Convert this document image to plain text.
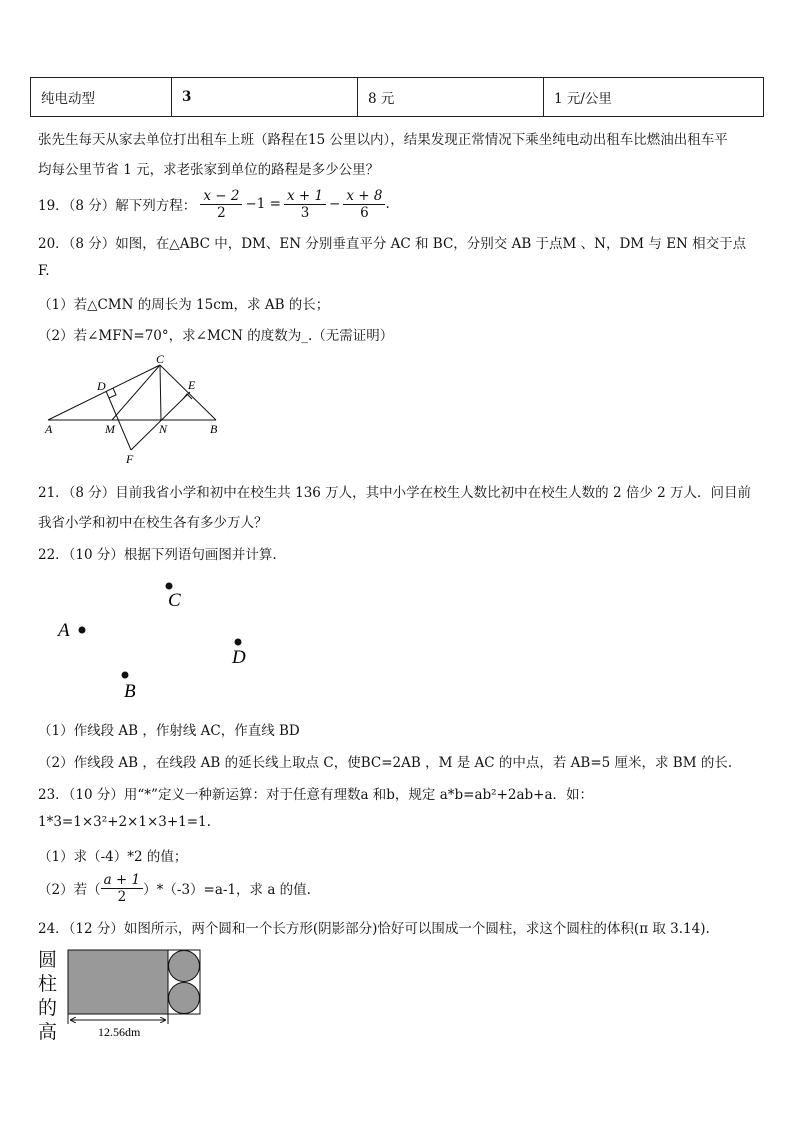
纯电动型	3	8 元	1 元/公里
张先生每天从家去单位打出租车上班（路程在15 公里以内），结果发现正常情况下乘坐纯电动出租车比燃油出租车平
均每公里节省 1 元，求老张家到单位的路程是多少公里？
19．（8 分）解下列方程： $\frac{x - 2}{2} -1 = \frac{x + 1}{3} - \frac{x + 8}{6}$ .
20．（8 分）如图，在△ABC 中，DM、EN 分别垂直平分 AC 和 BC，分别交 AB 于点M 、N，DM 与 EN 相交于点
F.
（1）若△CMN 的周长为 15cm，求 AB 的长；
（2）若∠MFN=70°，求∠MCN 的度数为_.（无需证明）
C
D	E
A	M	N	B
F
21．（8 分）目前我省小学和初中在校生共 136 万人，其中小学在校生人数比初中在校生人数的 2 倍少 2 万人．问目前
我省小学和初中在校生各有多少万人？
22．（10 分）根据下列语句画图并计算.
C
A
D
B
（1）作线段 AB ，作射线 AC，作直线 BD
（2）作线段 AB ，在线段 AB 的延长线上取点 C，使BC=2AB ，M 是 AC 的中点，若 AB=5 厘米，求 BM 的长.
23．（10 分）用“*”定义一种新运算：对于任意有理数a 和b，规定 a*b=ab²+2ab+a．如：
1*3=1×3²+2×1×3+1=1.
（1）求（-4）*2 的值；
（2）若（ $\frac{a + 1}{2} )*(-3)=a-1$，求 a 的值.
24．（12 分）如图所示，两个圆和一个长方形(阴影部分)恰好可以围成一个圆柱，求这个圆柱的体积(π 取 3.14).
圆
柱
的
高	12.56dm
